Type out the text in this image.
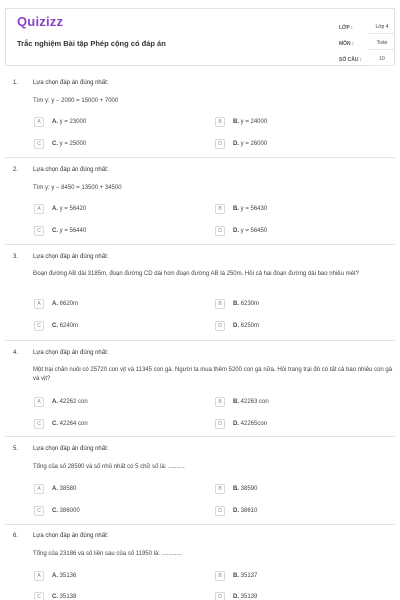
Quizizz
Trắc nghiệm Bài tập Phép cộng có đáp án
LỚP :	Lớp 4
MÔN :	Toán
SỐ CÂU :	10
1. Lựa chọn đáp án đúng nhất:
Tìm y: y − 2000 = 15000 + 7000
A	A. y = 23000	B	B. y = 24000
C	C. y = 25000	D	D. y = 26000
2. Lựa chọn đáp án đúng nhất:
Tìm y: y − 8450 = 13500 + 34500
A	A. y = 56420	B	B. y = 56430
C	C. y = 56440	D	D. y = 56450
3. Lựa chọn đáp án đúng nhất:
Đoạn đường AB dài 3185m, đoạn đường CD dài hơn đoạn đường AB là 250m. Hỏi cả hai đoạn đường dài bao nhiêu mét?
A	A. 6620m	B	B. 6230m
C	C. 6240m	D	D. 6250m
4. Lựa chọn đáp án đúng nhất:
Một trại chăn nuôi có 25720 con vịt và 11345 con gà. Người ta mua thêm 5200 con gà nữa. Hỏi trang trại đó có tất cả bao nhiêu con gà và vịt?
A	A. 42262 con	B	B. 42263 con
C	C. 42264 con	D	D. 42265con
5. Lựa chọn đáp án đúng nhất:
Tổng của số 28590 và số nhỏ nhất có 5 chữ số là: ..........
A	A. 38580	B	B. 38590
C	C. 386000	D	D. 38610
6. Lựa chọn đáp án đúng nhất:
Tổng của 23186 và số liền sau của số 11950 là: ............
A	A. 35136	B	B. 35137
C	C. 35138	D	D. 35139
